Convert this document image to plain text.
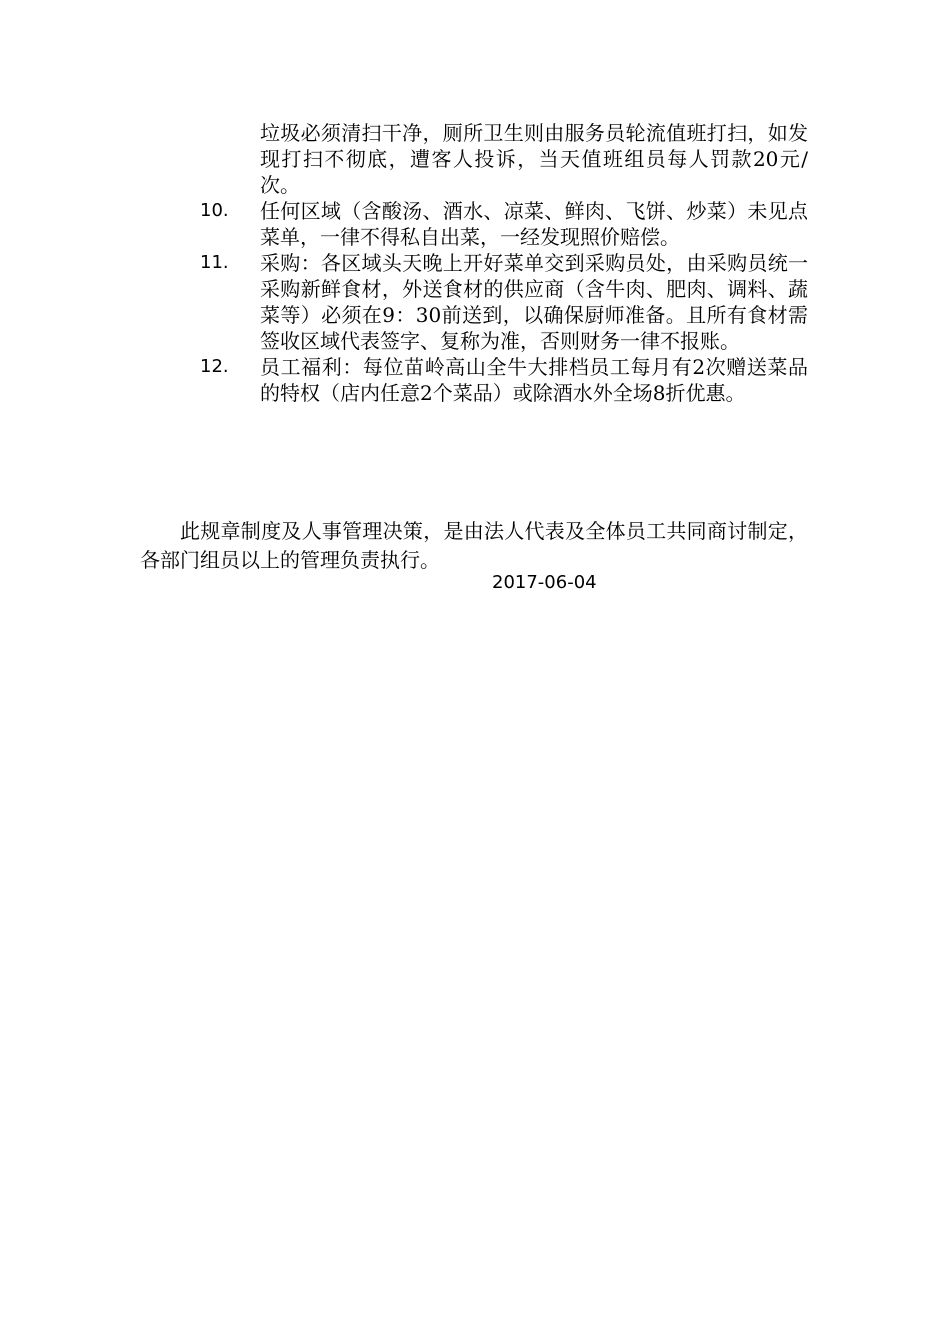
垃圾必须清扫干净，厕所卫生则由服务员轮流值班打扫，如发现打扫不彻底，遭客人投诉，当天值班组员每人罚款20元/次。
10.	任何区域（含酸汤、酒水、凉菜、鲜肉、飞饼、炒菜）未见点菜单，一律不得私自出菜，一经发现照价赔偿。
11.	采购：各区域头天晚上开好菜单交到采购员处，由采购员统一采购新鲜食材，外送食材的供应商（含牛肉、肥肉、调料、蔬菜等）必须在9：30前送到，以确保厨师准备。且所有食材需签收区域代表签字、复称为准，否则财务一律不报账。
12.	员工福利：每位苗岭高山全牛大排档员工每月有2次赠送菜品的特权（店内任意2个菜品）或除酒水外全场8折优惠。

此规章制度及人事管理决策，是由法人代表及全体员工共同商讨制定，各部门组员以上的管理负责执行。

2017-06-04
